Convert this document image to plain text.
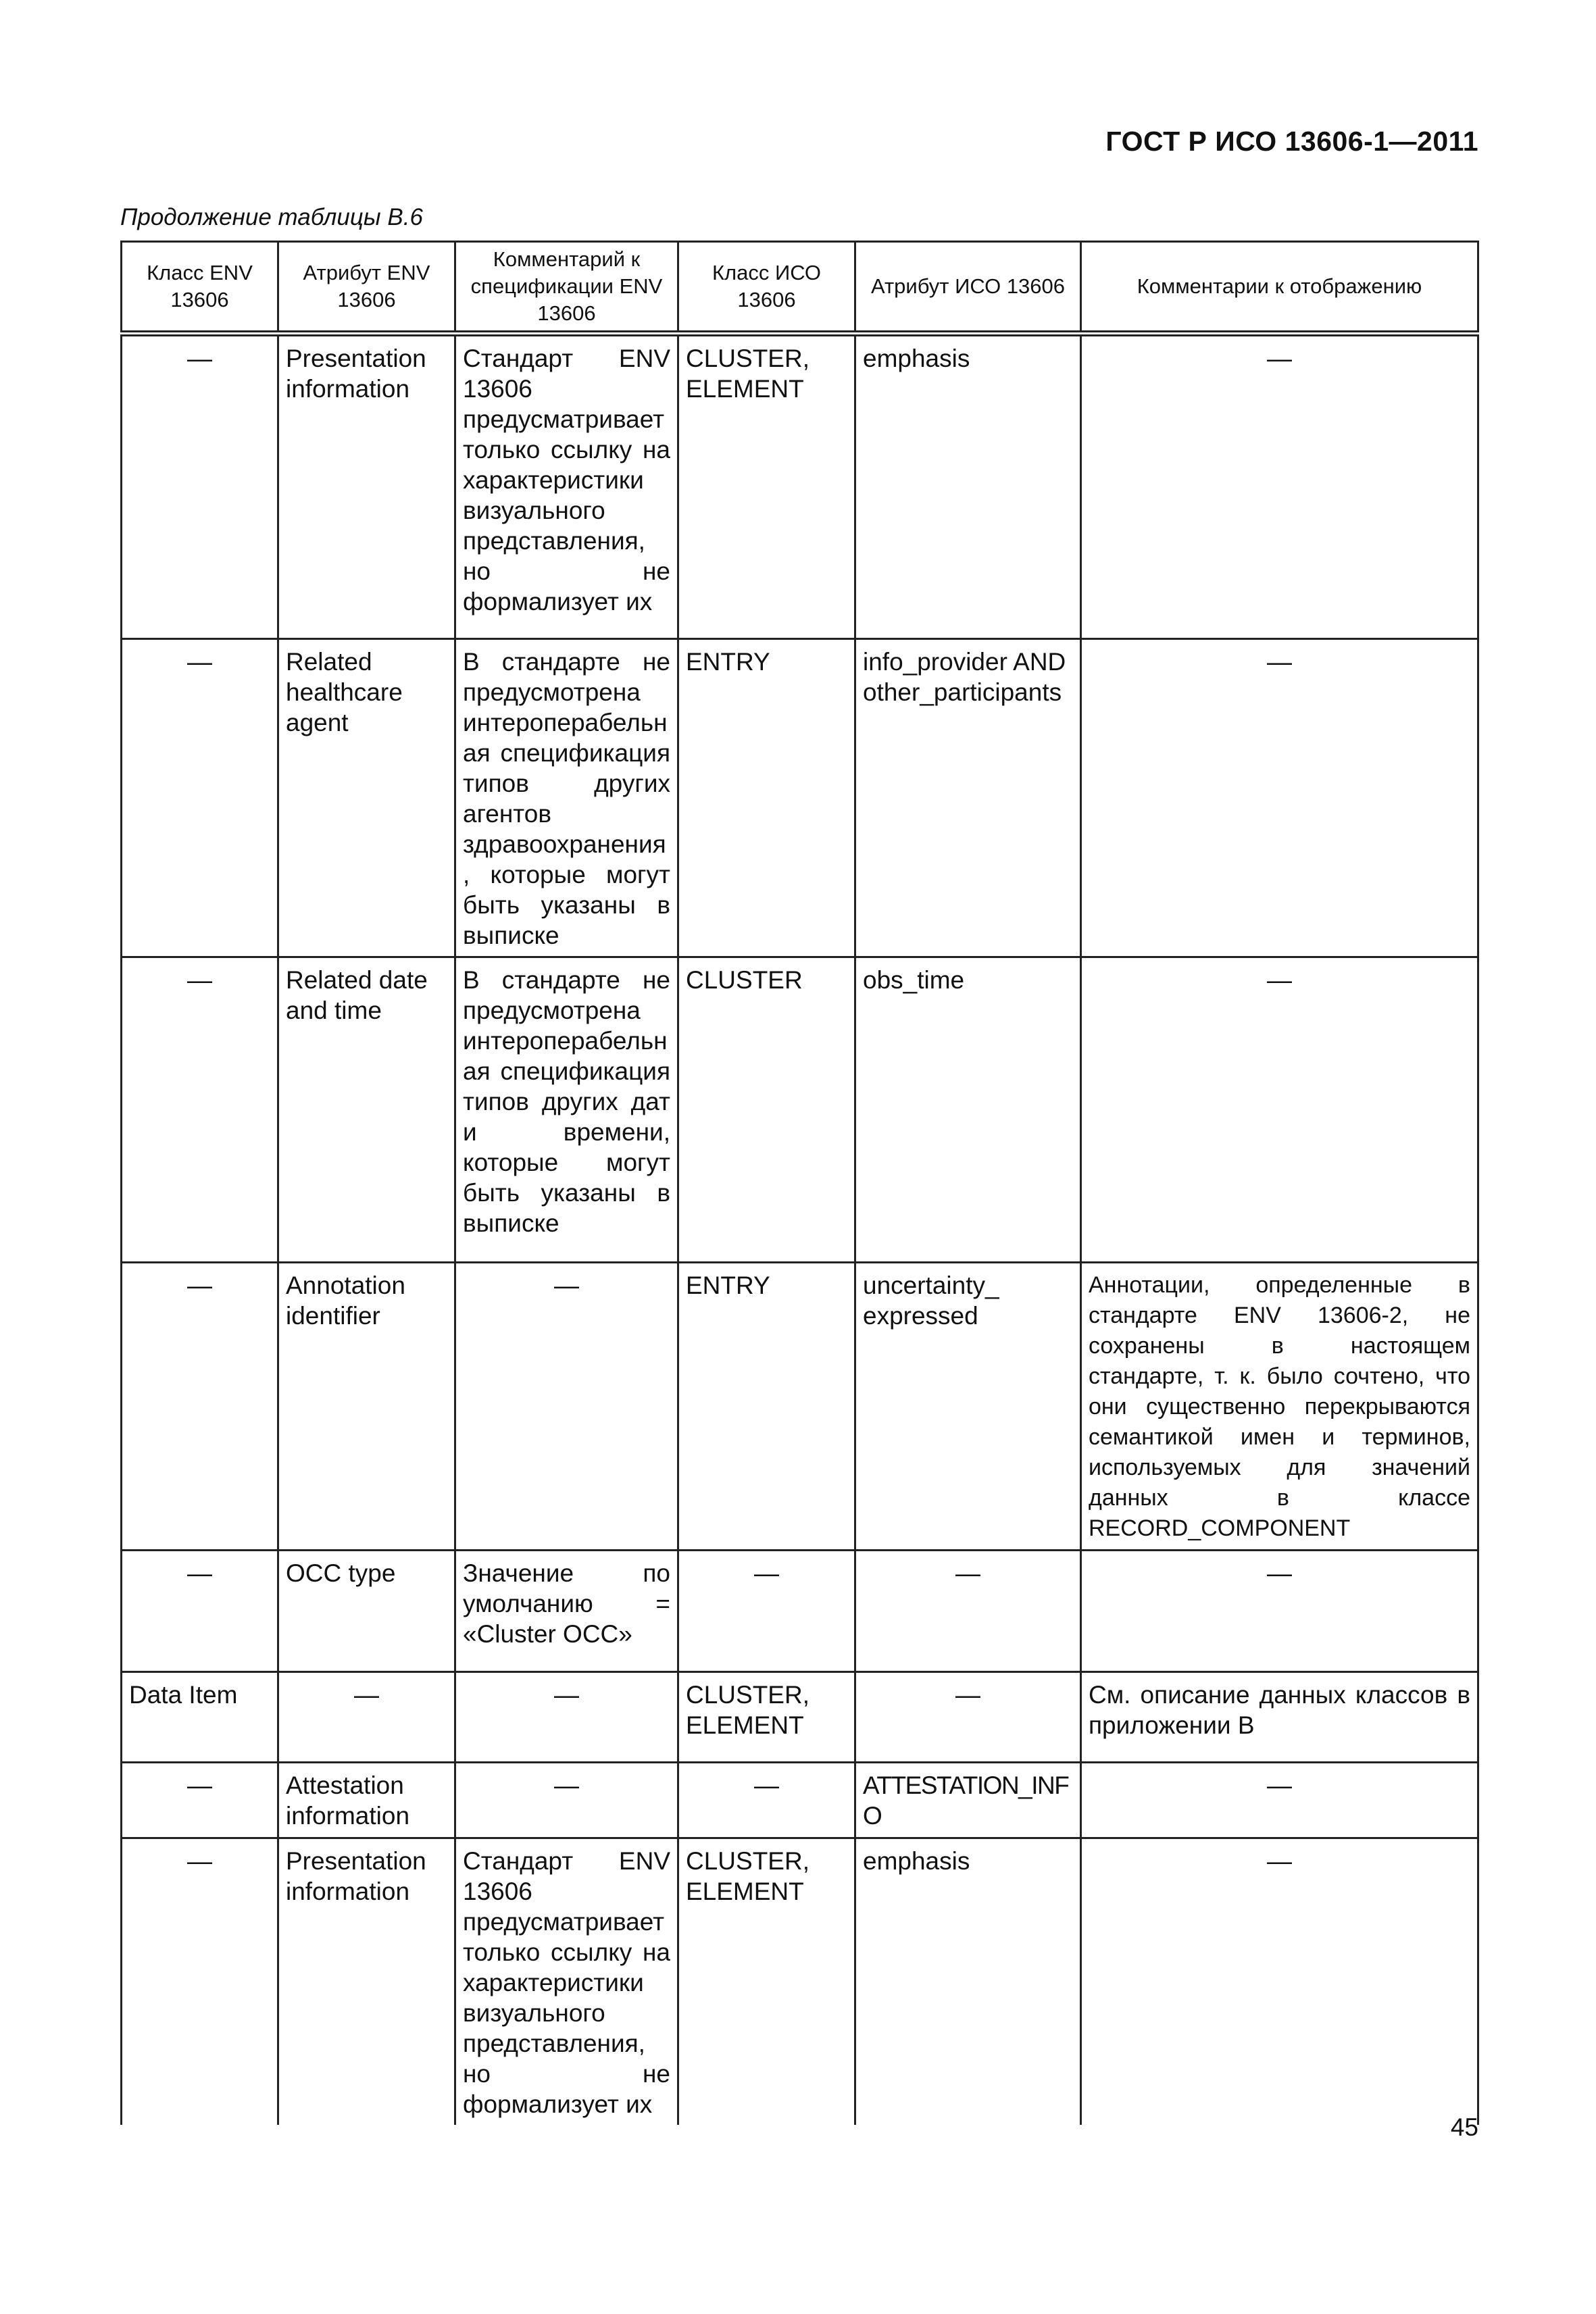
ГОСТ Р ИСО 13606-1—2011
Продолжение таблицы В.6
Класс ENV 13606	Атрибут ENV 13606	Комментарий к спецификации ENV 13606	Класс ИСО 13606	Атрибут ИСО 13606	Комментарии к отображению
—	Presentation information	Стандарт ENV 13606 предусматривает только ссылку на характеристики визуального представления, но не формализует их	CLUSTER, ELEMENT	emphasis	—
—	Related healthcare agent	В стандарте не предусмотрена интероперабельная спецификация типов других агентов здравоохранения, которые могут быть указаны в выписке	ENTRY	info_provider AND other_participants	—
—	Related date and time	В стандарте не предусмотрена интероперабельная спецификация типов других дат и времени, которые могут быть указаны в выписке	CLUSTER	obs_time	—
—	Annotation identifier	—	ENTRY	uncertainty_ expressed	Аннотации, определенные в стандарте ENV 13606-2, не сохранены в настоящем стандарте, т. к. было сочтено, что они существенно перекрываются семантикой имен и терминов, используемых для значений данных в классе RECORD_COMPONENT
—	OCC type	Значение по умолчанию = «Cluster OCC»	—	—	—
Data Item	—	—	CLUSTER, ELEMENT	—	См. описание данных классов в приложении В
—	Attestation information	—	—	ATTESTATION_INFO	—
—	Presentation information	Стандарт ENV 13606 предусматривает только ссылку на характеристики визуального представления, но не формализует их	CLUSTER, ELEMENT	emphasis	—
45
